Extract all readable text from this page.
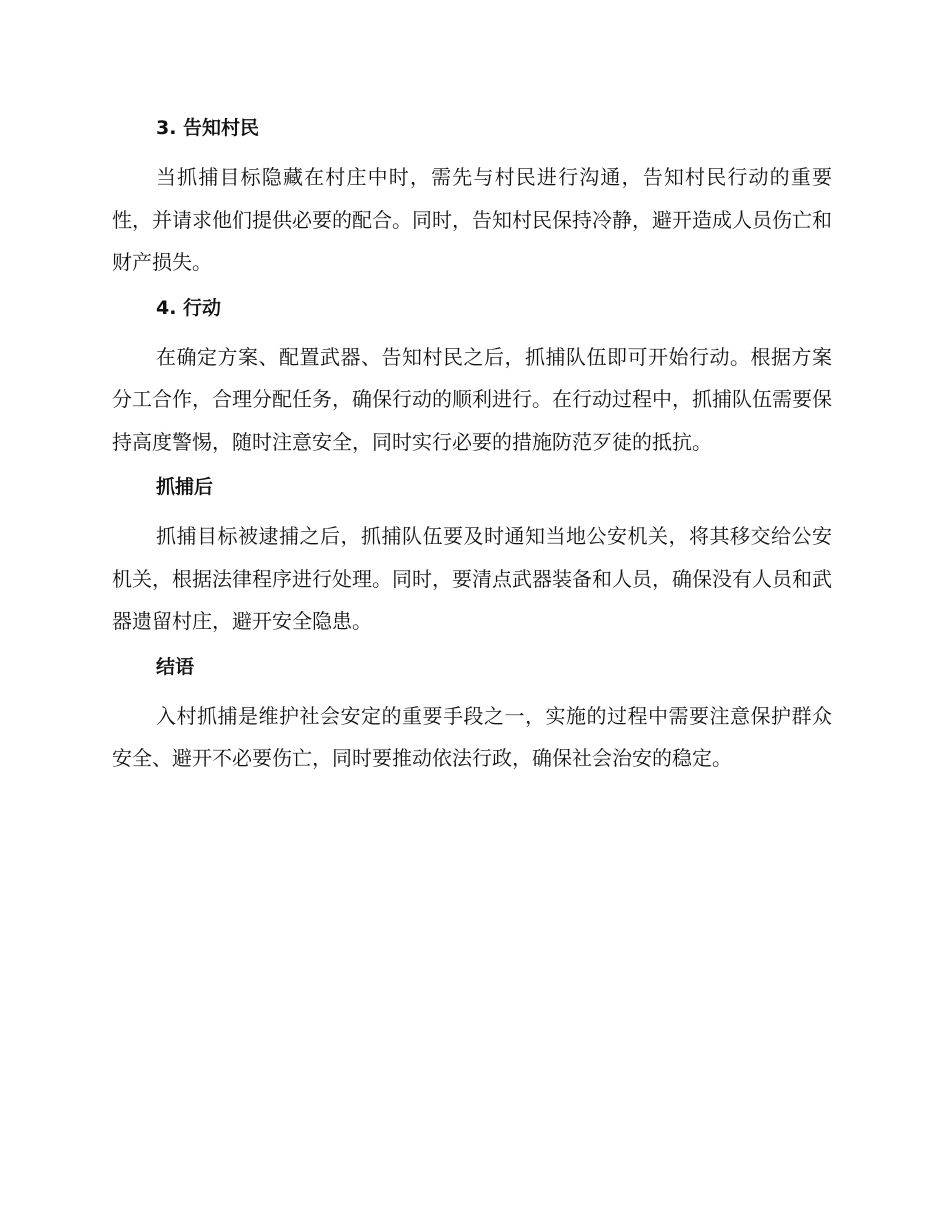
3. 告知村民

当抓捕目标隐藏在村庄中时，需先与村民进行沟通，告知村民行动的重要性，并请求他们提供必要的配合。同时，告知村民保持冷静，避开造成人员伤亡和财产损失。

4. 行动

在确定方案、配置武器、告知村民之后，抓捕队伍即可开始行动。根据方案分工合作，合理分配任务，确保行动的顺利进行。在行动过程中，抓捕队伍需要保持高度警惕，随时注意安全，同时实行必要的措施防范歹徒的抵抗。

抓捕后

抓捕目标被逮捕之后，抓捕队伍要及时通知当地公安机关，将其移交给公安机关，根据法律程序进行处理。同时，要清点武器装备和人员，确保没有人员和武器遗留村庄，避开安全隐患。

结语

入村抓捕是维护社会安定的重要手段之一，实施的过程中需要注意保护群众安全、避开不必要伤亡，同时要推动依法行政，确保社会治安的稳定。
